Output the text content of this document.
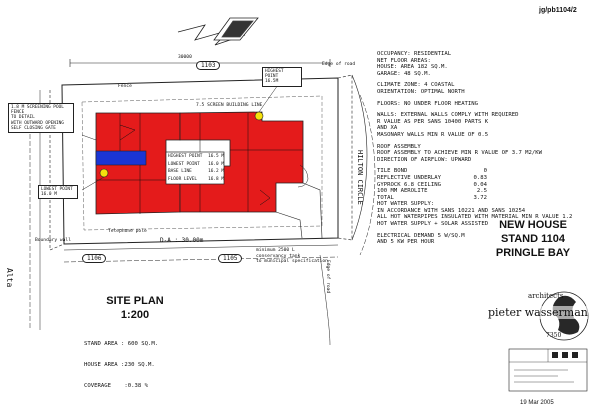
jg/pb1104/2
30000
1103
Fence
Edge of road
7.5 SCREEN BUILDING LINE
HIGHEST POINT
16.5M
1.8 M SCREENING POOL FENCE
TO DETAIL
WITH OUTWARD OPENING
SELF CLOSING GATE
LOWEST POINT
16.0 M
HIGHEST POINT 16.5 M
LOWEST POINT 16.0 M
BASE LINE	16.2 M
FLOOR LEVEL	16.8 M
Telephone pole
Boundary wall
minimum 2500 L
conservancy tank
to municipal specification
D-A : 30.00m
1106	1105
Alta
HILTON CIRCLE
Edge of road
SITE PLAN
1:200

STAND AREA : 600 SQ.M.

HOUSE AREA :230 SQ.M.

COVERAGE    :0.38 %

OCCUPANCY: RESIDENTIAL
NET FLOOR AREAS:
HOUSE: AREA 182 SQ.M.
GARAGE: 48 SQ.M.
CLIMATE ZONE: 4 COASTAL
ORIENTATION: OPTIMAL NORTH
FLOORS: NO UNDER FLOOR HEATING
WALLS: EXTERNAL WALLS COMPLY WITH REQUIRED
R VALUE AS PER SANS 10400 PARTS K
AND XA
MASONARY WALLS MIN R VALUE OF 0.5
ROOF ASSEMBLY
ROOF ASSEMBLY TO ACHIEVE MIN R VALUE OF 3.7 M2/KW
DIRECTION OF AIRFLOW: UPWARD
TILE BOND	0
REFLECTIVE UNDERLAY	0.83
GYPROCK 6.8 CEILING	0.04
100 MM AEROLITE	2.5
TOTAL	3.72
HOT WATER SUPPLY:
IN ACCORDANCE WITH SANS 10221 AND SANS 10254
ALL HOT WATERPIPES INSULATED WITH MATERIAL MIN R VALUE 1.2
HOT WATER SUPPLY + SOLAR ASSISTED
ELECTRICAL DEMAND 5 W/SQ.M
AND 5 KW PER HOUR
NEW HOUSE
STAND 1104
PRINGLE BAY
pieter wasserman
architects
7350
19 Mar 2005
